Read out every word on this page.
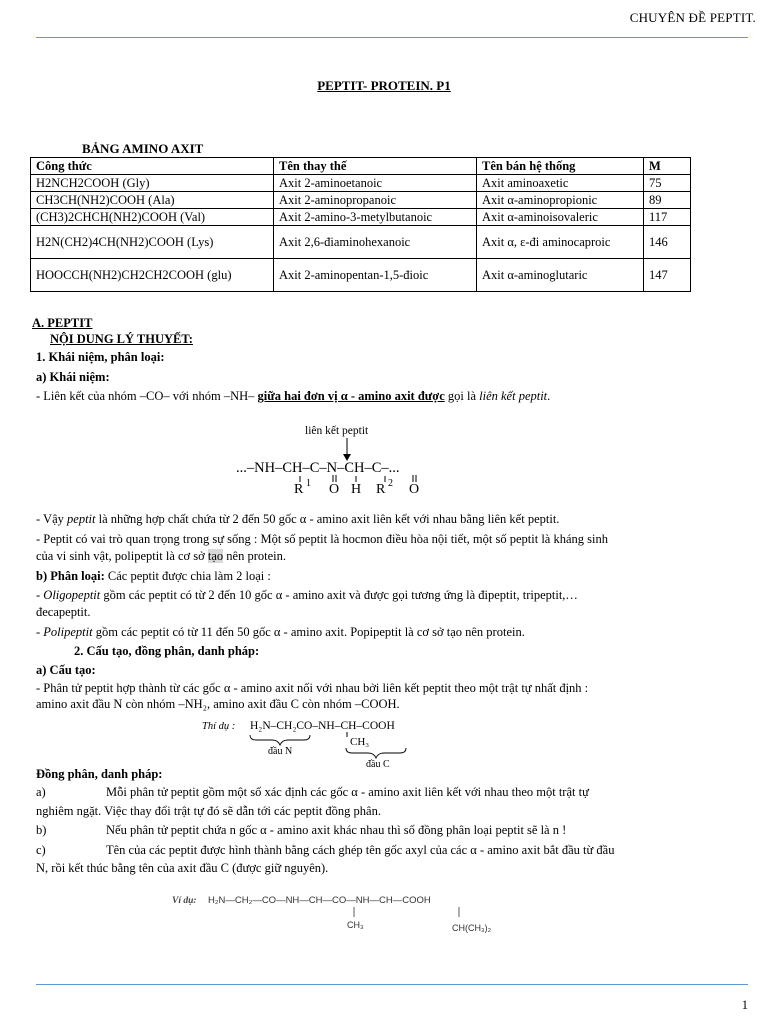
CHUYÊN ĐỀ PEPTIT.
PEPTIT- PROTEIN. P1
BẢNG AMINO AXIT
Công thức	Tên thay thế	Tên bán hệ thống	M
H2NCH2COOH (Gly)	Axit 2-aminoetanoic	Axit aminoaxetic	75
CH3CH(NH2)COOH (Ala)	Axit 2-aminopropanoic	Axit α-aminopropionic	89
(CH3)2CHCH(NH2)COOH (Val)	Axit 2-amino-3-metylbutanoic	Axit α-aminoisovaleric	117
H2N(CH2)4CH(NH2)COOH (Lys)	Axit 2,6-điaminohexanoic	Axit α, ε-đi aminocaproic	146
HOOCCH(NH2)CH2CH2COOH (glu)	Axit 2-aminopentan-1,5-đioic	Axit α-aminoglutaric	147
A. PEPTIT
NỘI DUNG LÝ THUYẾT:
1. Khái niệm, phân loại:
a) Khái niệm:
- Liên kết của nhóm –CO– với nhóm –NH– giữa hai đơn vị α - amino axit được gọi là liên kết peptit.
liên kết peptit
...–NH–CH–C–N–CH–C–...
R 1 O H R 2 O
- Vậy peptit là những hợp chất chứa từ 2 đến 50 gốc α - amino axit liên kết với nhau bằng liên kết peptit.
- Peptit có vai trò quan trọng trong sự sống : Một số peptit là hocmon điều hòa nội tiết, một số peptit là kháng sinh
của vi sinh vật, polipeptit là cơ sở tạo nên protein.
b) Phân loại: Các peptit được chia làm 2 loại :
- Oligopeptit gồm các peptit có từ 2 đến 10 gốc α - amino axit và được gọi tương ứng là đipeptit, tripeptit,…
đecapeptit.
- Polipeptit gồm các peptit có từ 11 đến 50 gốc α - amino axit. Popipeptit là cơ sở tạo nên protein.
2. Cấu tạo, đồng phân, danh pháp:
a) Cấu tạo:
- Phân tử peptit hợp thành từ các gốc α - amino axit nối với nhau bởi liên kết peptit theo một trật tự nhất định :
amino axit đầu N còn nhóm –NH₂, amino axit đầu C còn nhóm –COOH.
Thí dụ : H₂N–CH₂CO–NH–CH–COOH
CH₃
đầu N
đầu C
Đồng phân, danh pháp:
a)	Mỗi phân tử peptit gồm một số xác định các gốc α - amino axit liên kết với nhau theo một trật tự
nghiêm ngặt. Việc thay đổi trật tự đó sẽ dẫn tới các peptit đồng phân.
b)	Nếu phân tử peptit chứa n gốc α - amino axit khác nhau thì số đồng phân loại peptit sẽ là n !
c)	Tên của các peptit được hình thành bằng cách ghép tên gốc axyl của các α - amino axit bắt đầu từ đầu
N, rồi kết thúc bằng tên của axit đầu C (được giữ nguyên).
Ví dụ: H₂N—CH₂—CO—NH—CH—CO—NH—CH—COOH
CH₃	CH(CH₃)₂
1
